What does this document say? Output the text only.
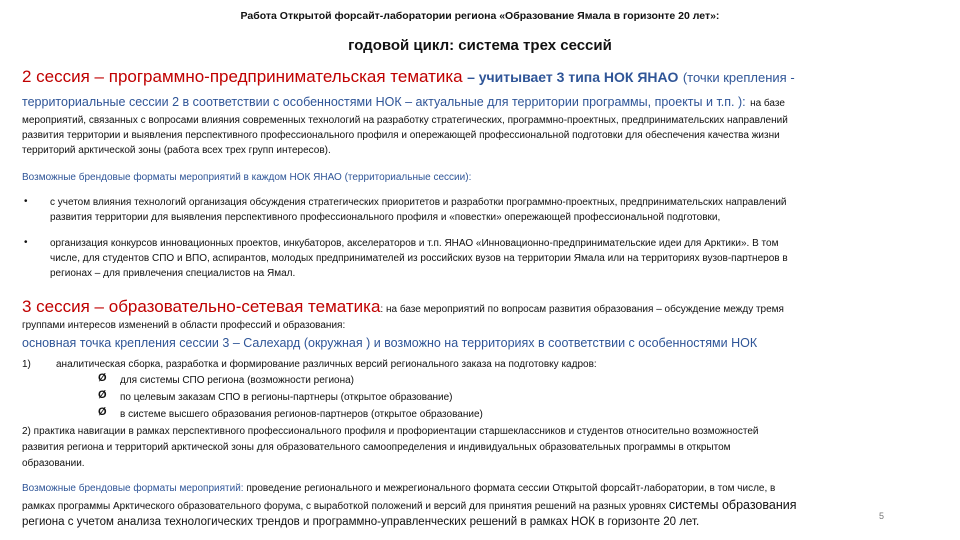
Работа Открытой форсайт-лаборатории региона «Образование Ямала в горизонте 20 лет»:
годовой цикл: система трех сессий
2 сессия – программно-предпринимательская тематика – учитывает 3 типа НОК ЯНАО (точки крепления -
территориальные сессии 2 в соответствии с особенностями НОК – актуальные для территории программы, проекты и т.п. ): на базе
мероприятий, связанных с вопросами влияния современных технологий на разработку стратегических, программно-проектных, предпринимательских направлений
развития территории и выявления перспективного профессионального профиля и опережающей профессиональной подготовки для обеспечения качества жизни
территорий арктической зоны (работа всех трех групп интересов).
Возможные брендовые форматы мероприятий в каждом НОК ЯНАО (территориальные сессии):
• с учетом влияния технологий организация обсуждения стратегических приоритетов и разработки программно-проектных, предпринимательских направлений
развития территории для выявления перспективного профессионального профиля и «повестки» опережающей профессиональной подготовки,
• организация конкурсов инновационных проектов, инкубаторов, акселераторов и т.п. ЯНАО «Инновационно-предпринимательские идеи для Арктики». В том
числе, для студентов СПО и ВПО, аспирантов, молодых предпринимателей из российских вузов на территории Ямала или на территориях вузов-партнеров в
регионах – для привлечения специалистов на Ямал.
3 сессия – образовательно-сетевая тематика: на базе мероприятий по вопросам развития образования – обсуждение между тремя
группами интересов изменений в области профессий и образования:
основная точка крепления сессии 3 – Салехард (окружная ) и возможно на территориях в соответствии с особенностями НОК
1)	аналитическая сборка, разработка и формирование различных версий регионального заказа на подготовку кадров:
Ø для системы СПО региона (возможности региона)
Ø по целевым заказам СПО в регионы-партнеры (открытое образование)
Ø в системе высшего образования регионов-партнеров (открытое образование)
2) практика навигации в рамках перспективного профессионального профиля и профориентации старшеклассников и студентов относительно возможностей
развития региона и территорий арктической зоны для образовательного самоопределения и индивидуальных образовательных программы в открытом
образовании.
Возможные брендовые форматы мероприятий: проведение регионального и межрегионального формата сессии Открытой форсайт-лаборатории, в том числе, в
рамках программы Арктического образовательного форума, с выработкой положений и версий для принятия решений на разных уровнях системы образования
региона с учетом анализа технологических трендов и программно-управленческих решений в рамках НОК в горизонте 20 лет.	5
